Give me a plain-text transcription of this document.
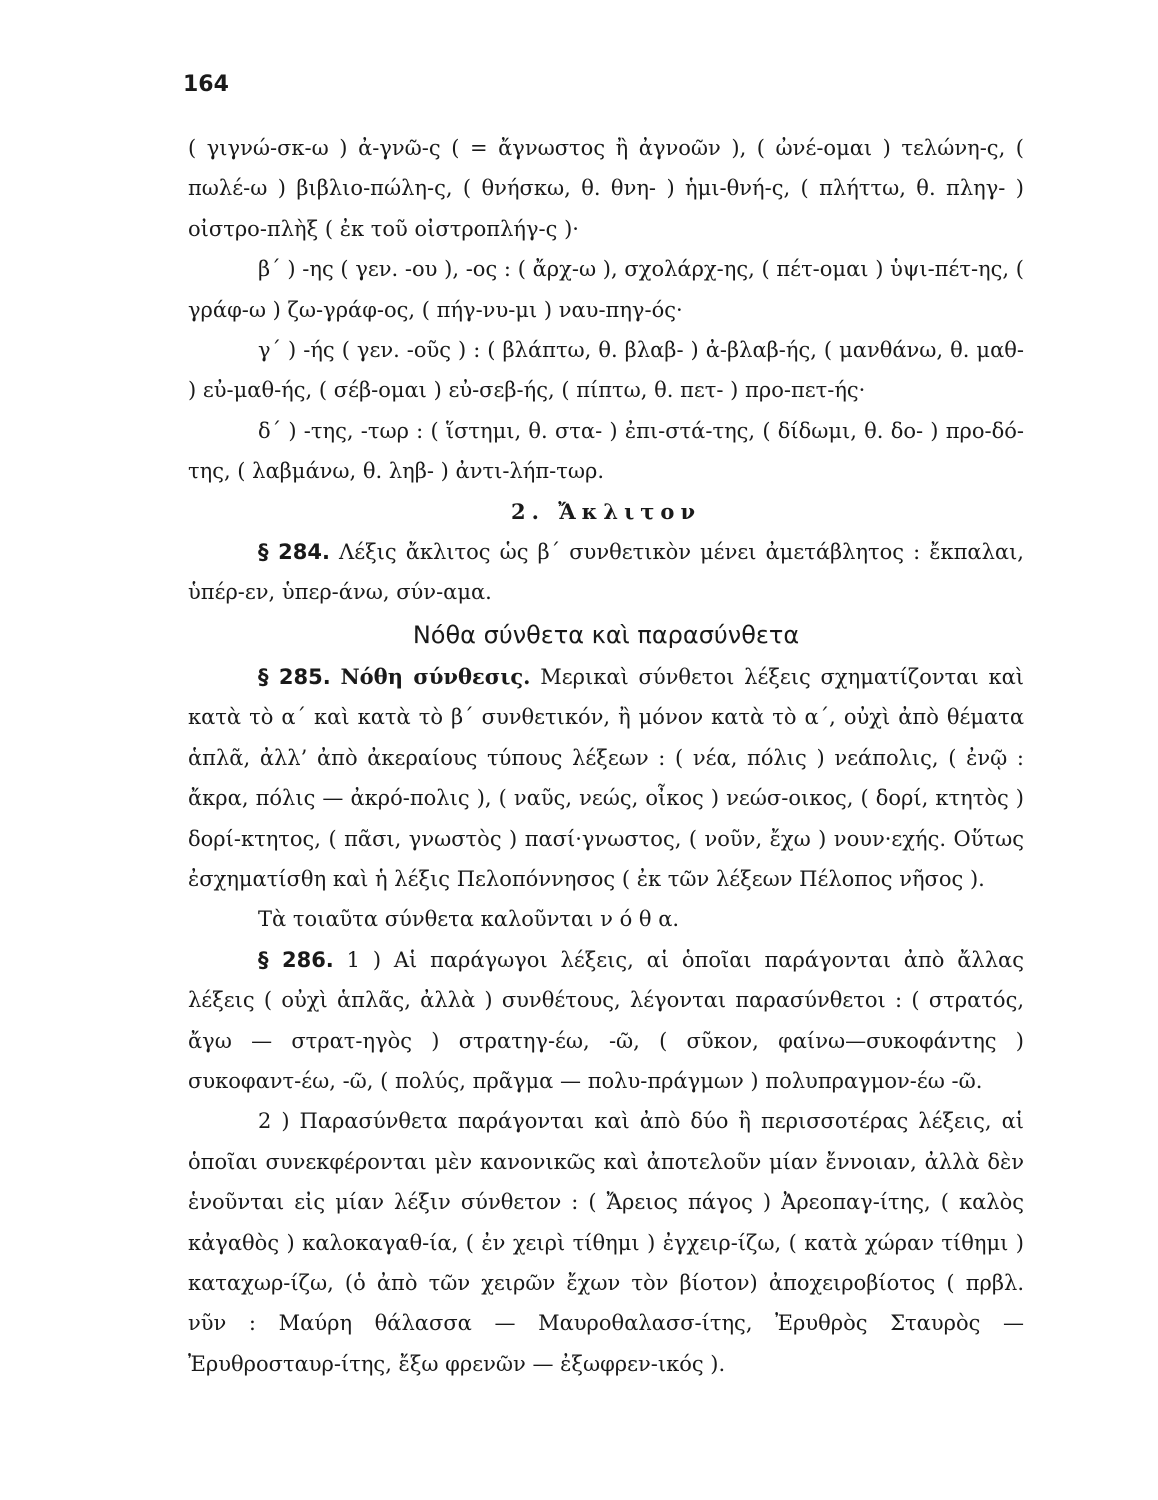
164

( γιγνώ-σκ-ω ) ἀ-γνῶ-ς ( = ἄγνωστος ἢ ἀγνοῶν ), ( ὠνέ-ομαι ) τελώνη-ς, ( πωλέ-ω ) βιβλιο-πώλη-ς, ( θνήσκω, θ. θνη- ) ἡμι-θνή-ς, ( πλήττω, θ. πληγ- ) οἰστρο-πλὴξ ( ἐκ τοῦ οἰστροπλήγ-ς )·

β΄ ) -ης ( γεν. -ου ), -ος : ( ἄρχ-ω ), σχολάρχ-ης, ( πέτ-ομαι ) ὑψι-πέτ-ης, ( γράφ-ω ) ζω-γράφ-ος, ( πήγ-νυ-μι ) ναυ-πηγ-ός·

γ΄ ) -ής ( γεν. -οῦς ) : ( βλάπτω, θ. βλαβ- ) ἀ-βλαβ-ής, ( μανθάνω, θ. μαθ- ) εὐ-μαθ-ής, ( σέβ-ομαι ) εὐ-σεβ-ής, ( πίπτω, θ. πετ- ) προ-πετ-ής·

δ΄ ) -της, -τωρ : ( ἵστημι, θ. στα- ) ἐπι-στά-της, ( δίδωμι, θ. δο- ) προ-δό-της, ( λαβμάνω, θ. ληβ- ) ἀντι-λήπ-τωρ.

2. Ἄκλιτον

§ 284. Λέξις ἄκλιτος ὡς β΄ συνθετικὸν μένει ἀμετάβλητος : ἔκπαλαι, ὑπέρ-εν, ὑπερ-άνω, σύν-αμα.

Νόθα σύνθετα καὶ παρασύνθετα

§ 285. Νόθη σύνθεσις. Μερικαὶ σύνθετοι λέξεις σχηματίζονται καὶ κατὰ τὸ α΄ καὶ κατὰ τὸ β΄ συνθετικόν, ἢ μόνον κατὰ τὸ α΄, οὐχὶ ἀπὸ θέματα ἁπλᾶ, ἀλλ’ ἀπὸ ἀκεραίους τύπους λέξεων : ( νέα, πόλις ) νεάπολις, ( ἐνῷ : ἄκρα, πόλις — ἀκρό-πολις ), ( ναῦς, νεώς, οἶκος ) νεώσ-οικος, ( δορί, κτητὸς ) δορί-κτητος, ( πᾶσι, γνωστὸς ) πασί·γνωστος, ( νοῦν, ἔχω ) νουν·εχής. Οὕτως ἐσχηματίσθη καὶ ἡ λέξις Πελοπόννησος ( ἐκ τῶν λέξεων Πέλοπος νῆσος ).

Τὰ τοιαῦτα σύνθετα καλοῦνται ν ό θ α.

§ 286. 1 ) Αἱ παράγωγοι λέξεις, αἱ ὁποῖαι παράγονται ἀπὸ ἄλλας λέξεις ( οὐχὶ ἁπλᾶς, ἀλλὰ ) συνθέτους, λέγονται παρασύνθετοι : ( στρατός, ἄγω — στρατ-ηγὸς ) στρατηγ-έω, -ῶ, ( σῦκον, φαίνω—συκοφάντης ) συκοφαντ-έω, -ῶ, ( πολύς, πρᾶγμα — πολυ-πράγμων ) πολυπραγμον-έω -ῶ.

2 ) Παρασύνθετα παράγονται καὶ ἀπὸ δύο ἢ περισσοτέρας λέξεις, αἱ ὁποῖαι συνεκφέρονται μὲν κανονικῶς καὶ ἀποτελοῦν μίαν ἔννοιαν, ἀλλὰ δὲν ἑνοῦνται εἰς μίαν λέξιν σύνθετον : ( Ἄρειος πάγος ) Ἀρεοπαγ-ίτης, ( καλὸς κἀγαθὸς ) καλοκαγαθ-ία, ( ἐν χειρὶ τίθημι ) ἐγχειρ-ίζω, ( κατὰ χώραν τίθημι ) καταχωρ-ίζω, (ὁ ἀπὸ τῶν χειρῶν ἔχων τὸν βίοτον) ἀποχειροβίοτος ( πρβλ. νῦν : Μαύρη θάλασσα — Μαυροθαλασσ-ίτης, Ἐρυθρὸς Σταυρὸς —Ἐρυθροσταυρ-ίτης, ἔξω φρενῶν — ἐξωφρεν-ικός ).
